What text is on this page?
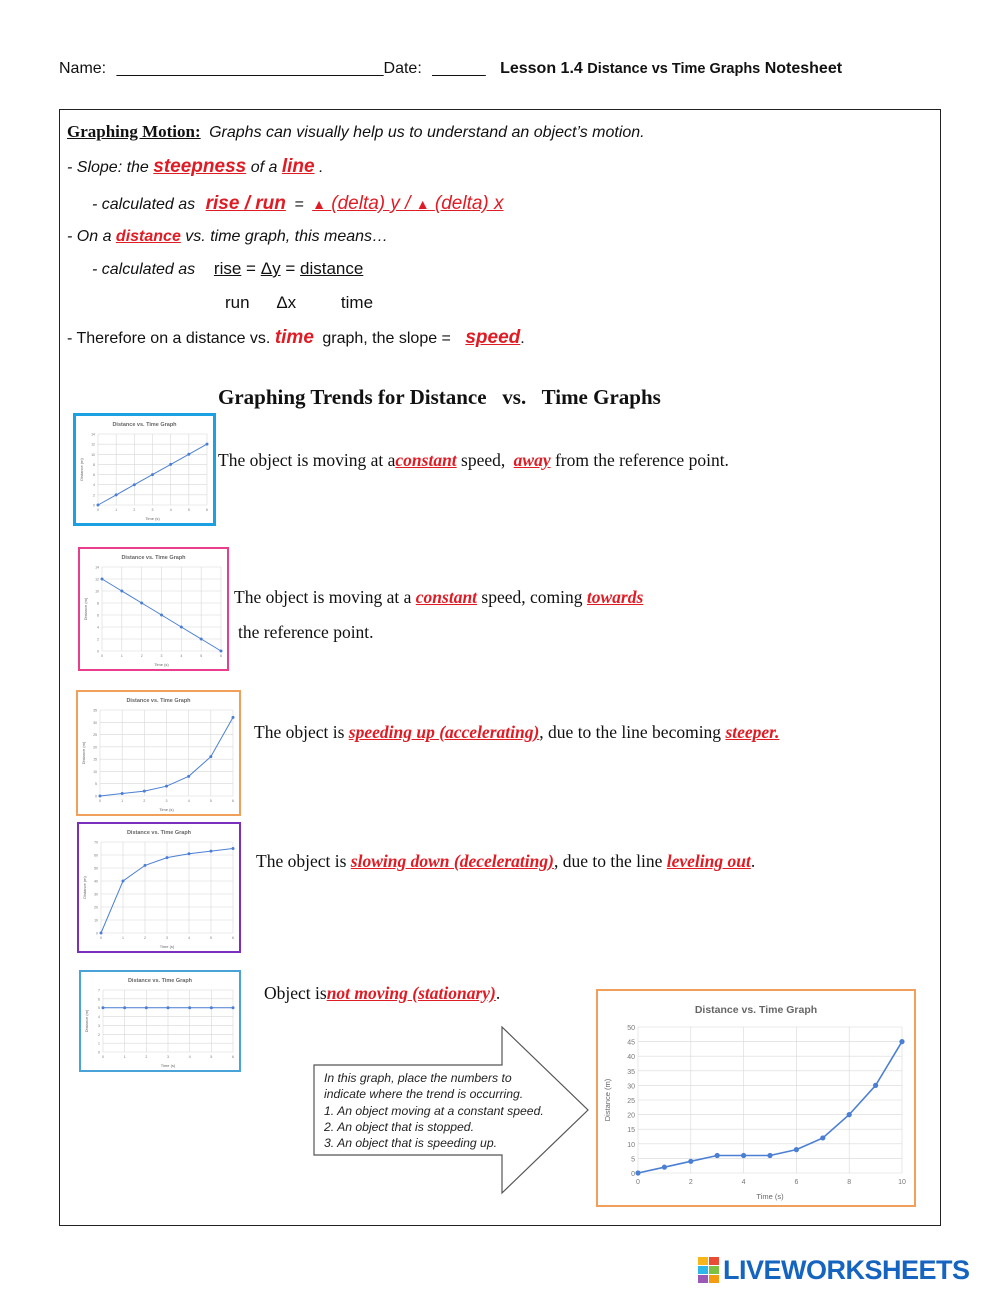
Name: ______________________________Date: ______ Lesson 1.4 Distance vs Time Graphs Notesheet
Graphing Motion: Graphs can visually help us to understand an object’s motion.
- Slope: the steepness of a line .
- calculated as rise / run = ▲ (delta) y / ▲ (delta) x
- On a distance vs. time graph, this means…
- calculated as rise = Δy = distance
run Δx	time
- Therefore on a distance vs. time graph, the slope = speed.
Graphing Trends for Distance   vs.   Time Graphs
Distance vs. Time Graph
0
2
4
6
8
10
12
14
0	1	2	3	4	5	6
Time (s)
Distance (m)
Distance vs. Time Graph
0
2
4
6
8
10
12
14
0	1	2	3	4	5	6
Time (s)
Distance (m)
Distance vs. Time Graph
0
5
10
15
20
25
30
35
0	1	2	3	4	5	6
Time (s)
Distance (m)
Distance vs. Time Graph
0
10
20
30
40
50
60
70
0	1	2	3	4	5	6
Time (s)
Distance (m)
Distance vs. Time Graph
0
1
2
3
4
5
6
7
0	1	2	3	4	5	6
Time (s)
Distance (m)
The object is moving at aconstant speed, away from the reference point.
The object is moving at a constant speed, coming towards
the reference point.
The object is speeding up (accelerating), due to the line becoming steeper.
The object is slowing down (decelerating), due to the line leveling out.
Object isnot moving (stationary).
In this graph, place the numbers to
indicate where the trend is occurring.
1. An object moving at a constant speed.
2. An object that is stopped.
3. An object that is speeding up.
Distance vs. Time Graph
0
5
10
15
20
25
30
35
40
45
50
0	2	4	6	8	10
Time (s)
Distance (m)
LIVEWORKSHEETS
